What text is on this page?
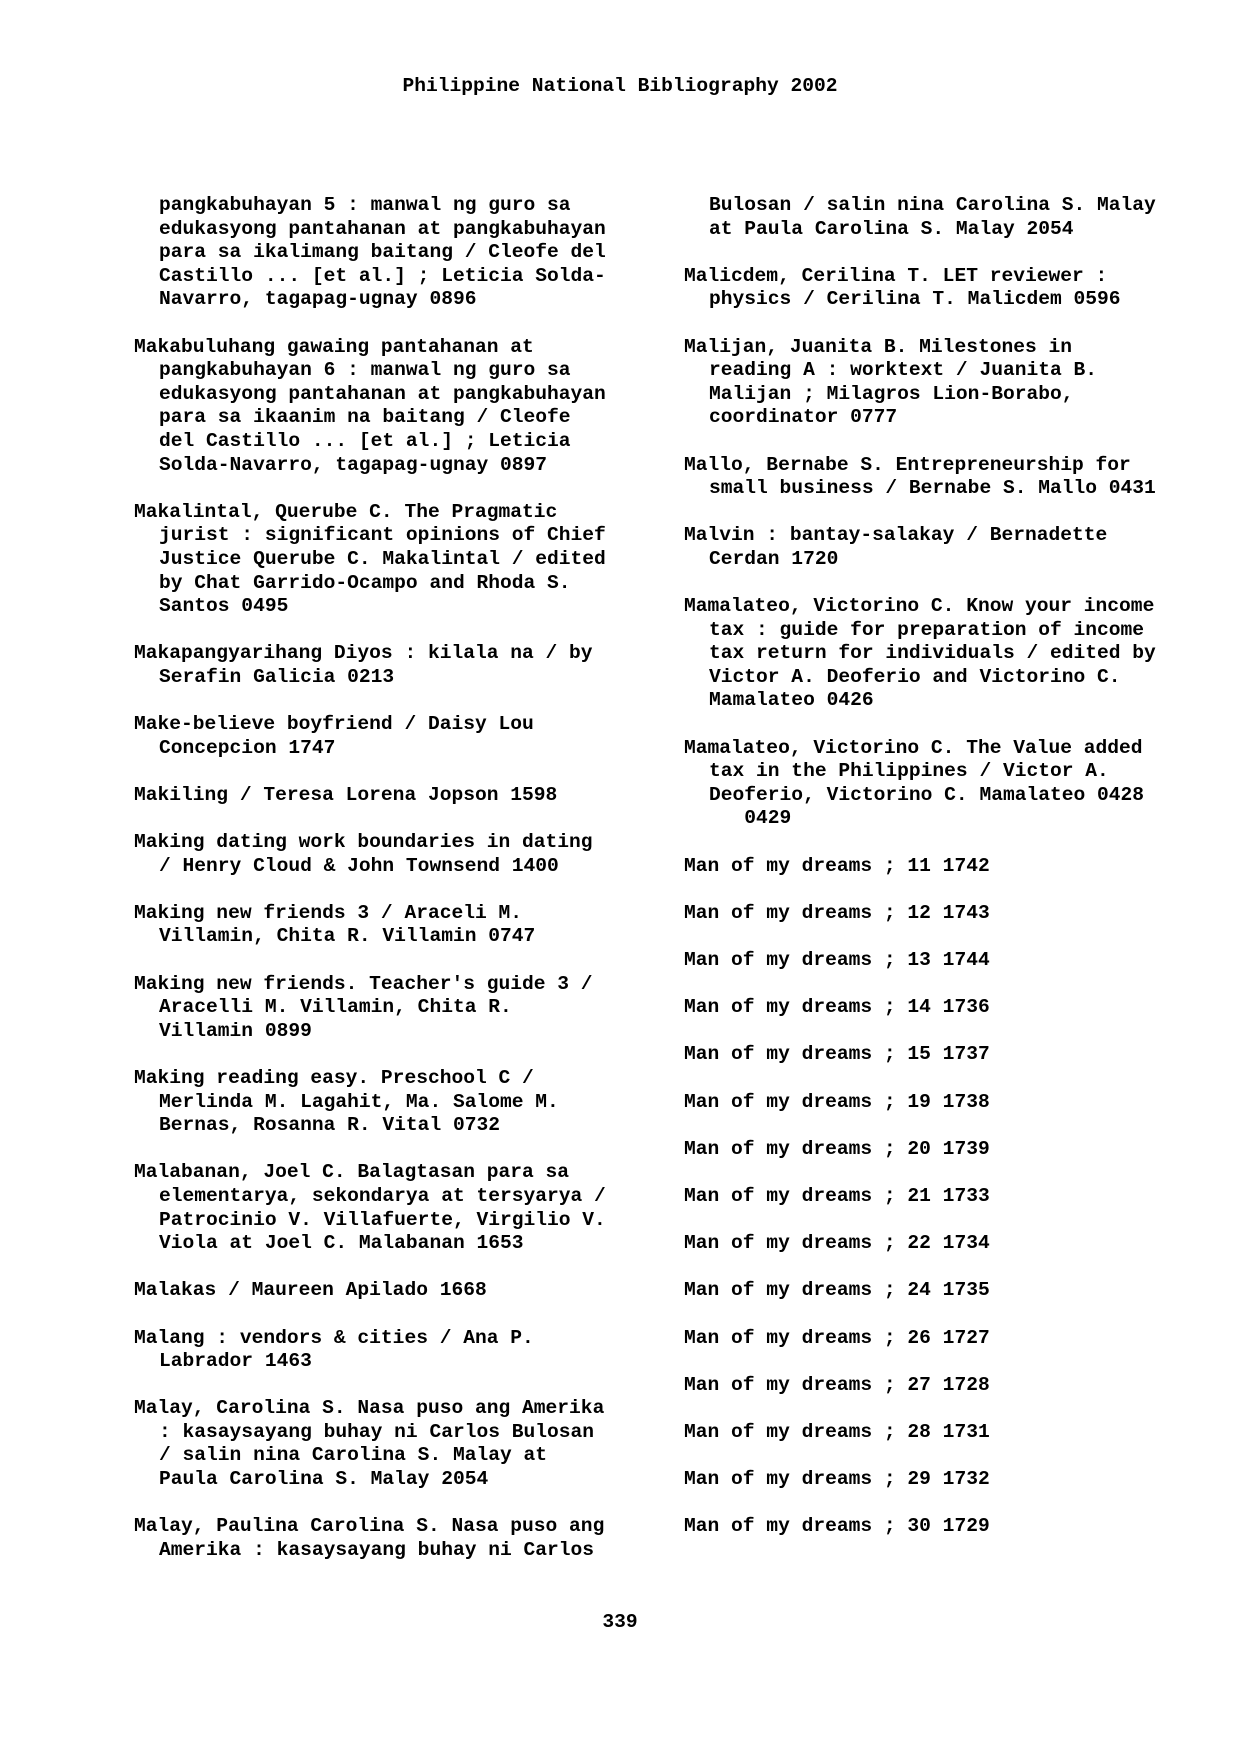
Philippine National Bibliography 2002
pangkabuhayan 5 : manwal ng guro sa
edukasyong pantahanan at pangkabuhayan
para sa ikalimang baitang / Cleofe del
Castillo ... [et al.] ; Leticia Solda-
Navarro, tagapag-ugnay 0896
Makabuluhang gawaing pantahanan at
pangkabuhayan 6 : manwal ng guro sa
edukasyong pantahanan at pangkabuhayan
para sa ikaanim na baitang / Cleofe
del Castillo ... [et al.] ; Leticia
Solda-Navarro, tagapag-ugnay 0897
Makalintal, Querube C. The Pragmatic
jurist : significant opinions of Chief
Justice Querube C. Makalintal / edited
by Chat Garrido-Ocampo and Rhoda S.
Santos 0495
Makapangyarihang Diyos : kilala na / by
Serafin Galicia 0213
Make-believe boyfriend / Daisy Lou
Concepcion 1747
Makiling / Teresa Lorena Jopson 1598
Making dating work boundaries in dating
/ Henry Cloud & John Townsend 1400
Making new friends 3 / Araceli M.
Villamin, Chita R. Villamin 0747
Making new friends. Teacher's guide 3 /
Aracelli M. Villamin, Chita R.
Villamin 0899
Making reading easy. Preschool C /
Merlinda M. Lagahit, Ma. Salome M.
Bernas, Rosanna R. Vital 0732
Malabanan, Joel C. Balagtasan para sa
elementarya, sekondarya at tersyarya /
Patrocinio V. Villafuerte, Virgilio V.
Viola at Joel C. Malabanan 1653
Malakas / Maureen Apilado 1668
Malang : vendors & cities / Ana P.
Labrador 1463
Malay, Carolina S. Nasa puso ang Amerika
: kasaysayang buhay ni Carlos Bulosan
/ salin nina Carolina S. Malay at
Paula Carolina S. Malay 2054
Malay, Paulina Carolina S. Nasa puso ang
Amerika : kasaysayang buhay ni Carlos
Bulosan / salin nina Carolina S. Malay
at Paula Carolina S. Malay 2054
Malicdem, Cerilina T. LET reviewer :
physics / Cerilina T. Malicdem 0596
Malijan, Juanita B. Milestones in
reading A : worktext / Juanita B.
Malijan ; Milagros Lion-Borabo,
coordinator 0777
Mallo, Bernabe S. Entrepreneurship for
small business / Bernabe S. Mallo 0431
Malvin : bantay-salakay / Bernadette
Cerdan 1720
Mamalateo, Victorino C. Know your income
tax : guide for preparation of income
tax return for individuals / edited by
Victor A. Deoferio and Victorino C.
Mamalateo 0426
Mamalateo, Victorino C. The Value added
tax in the Philippines / Victor A.
Deoferio, Victorino C. Mamalateo 0428
0429
Man of my dreams ; 11 1742
Man of my dreams ; 12 1743
Man of my dreams ; 13 1744
Man of my dreams ; 14 1736
Man of my dreams ; 15 1737
Man of my dreams ; 19 1738
Man of my dreams ; 20 1739
Man of my dreams ; 21 1733
Man of my dreams ; 22 1734
Man of my dreams ; 24 1735
Man of my dreams ; 26 1727
Man of my dreams ; 27 1728
Man of my dreams ; 28 1731
Man of my dreams ; 29 1732
Man of my dreams ; 30 1729
339
